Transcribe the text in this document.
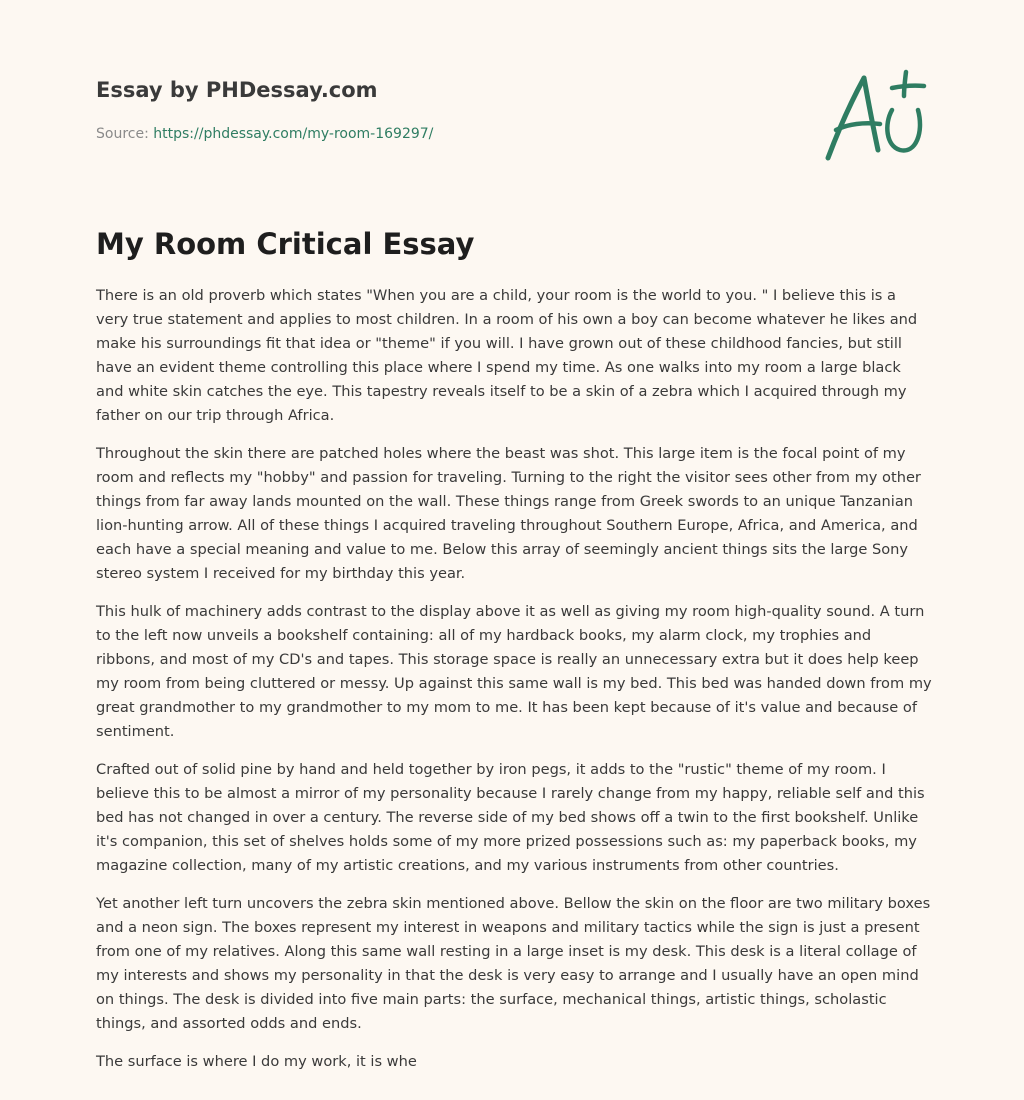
Essay by PHDessay.com
Source: https://phdessay.com/my-room-169297/
My Room Critical Essay

There is an old proverb which states "When you are a child, your room is the world to you. " I believe this is a very true statement and applies to most children. In a room of his own a boy can become whatever he likes and make his surroundings fit that idea or "theme" if you will. I have grown out of these childhood fancies, but still have an evident theme controlling this place where I spend my time. As one walks into my room a large black and white skin catches the eye. This tapestry reveals itself to be a skin of a zebra which I acquired through my father on our trip through Africa.

Throughout the skin there are patched holes where the beast was shot. This large item is the focal point of my room and reflects my "hobby" and passion for traveling. Turning to the right the visitor sees other from my other things from far away lands mounted on the wall. These things range from Greek swords to an unique Tanzanian lion-hunting arrow. All of these things I acquired traveling throughout Southern Europe, Africa, and America, and each have a special meaning and value to me. Below this array of seemingly ancient things sits the large Sony stereo system I received for my birthday this year.

This hulk of machinery adds contrast to the display above it as well as giving my room high-quality sound. A turn to the left now unveils a bookshelf containing: all of my hardback books, my alarm clock, my trophies and ribbons, and most of my CD's and tapes. This storage space is really an unnecessary extra but it does help keep my room from being cluttered or messy. Up against this same wall is my bed. This bed was handed down from my great grandmother to my grandmother to my mom to me. It has been kept because of it's value and because of sentiment.

Crafted out of solid pine by hand and held together by iron pegs, it adds to the "rustic" theme of my room. I believe this to be almost a mirror of my personality because I rarely change from my happy, reliable self and this bed has not changed in over a century. The reverse side of my bed shows off a twin to the first bookshelf. Unlike it's companion, this set of shelves holds some of my more prized possessions such as: my paperback books, my magazine collection, many of my artistic creations, and my various instruments from other countries.

Yet another left turn uncovers the zebra skin mentioned above. Bellow the skin on the floor are two military boxes and a neon sign. The boxes represent my interest in weapons and military tactics while the sign is just a present from one of my relatives. Along this same wall resting in a large inset is my desk. This desk is a literal collage of my interests and shows my personality in that the desk is very easy to arrange and I usually have an open mind on things. The desk is divided into five main parts: the surface, mechanical things, artistic things, scholastic things, and assorted odds and ends.

The surface is where I do my work, it is whe
